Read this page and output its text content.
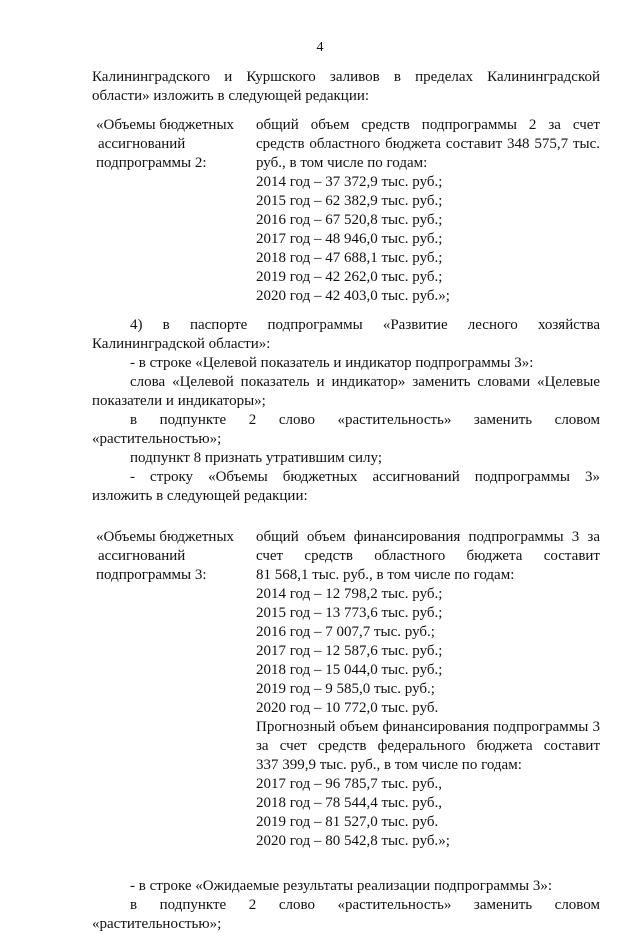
4
Калининградского и Куршского заливов в пределах Калининградской
области» изложить в следующей редакции:
«Объемы бюджетных
ассигнований
подпрограммы 2:
общий объем средств подпрограммы 2 за счет
средств областного бюджета составит 348 575,7 тыс.
руб., в том числе по годам:
2014 год – 37 372,9 тыс. руб.;
2015 год – 62 382,9 тыс. руб.;
2016 год – 67 520,8 тыс. руб.;
2017 год – 48 946,0 тыс. руб.;
2018 год – 47 688,1 тыс. руб.;
2019 год – 42 262,0 тыс. руб.;
2020 год – 42 403,0 тыс. руб.»;
4) в паспорте подпрограммы «Развитие лесного хозяйства
Калининградской области»:
- в строке «Целевой показатель и индикатор подпрограммы 3»:
слова «Целевой показатель и индикатор» заменить словами «Целевые
показатели и индикаторы»;
в подпункте 2 слово «растительность» заменить словом
«растительностью»;
подпункт 8 признать утратившим силу;
- строку «Объемы бюджетных ассигнований подпрограммы 3»
изложить в следующей редакции:
«Объемы бюджетных
ассигнований
подпрограммы 3:
общий объем финансирования подпрограммы 3 за
счет средств областного бюджета составит
81 568,1 тыс. руб., в том числе по годам:
2014 год – 12 798,2 тыс. руб.;
2015 год – 13 773,6 тыс. руб.;
2016 год – 7 007,7 тыс. руб.;
2017 год – 12 587,6 тыс. руб.;
2018 год – 15 044,0 тыс. руб.;
2019 год – 9 585,0 тыс. руб.;
2020 год – 10 772,0 тыс. руб.
Прогнозный объем финансирования подпрограммы 3
за счет средств федерального бюджета составит
337 399,9 тыс. руб., в том числе по годам:
2017 год – 96 785,7 тыс. руб.,
2018 год – 78 544,4 тыс. руб.,
2019 год – 81 527,0 тыс. руб.
2020 год – 80 542,8 тыс. руб.»;
- в строке «Ожидаемые результаты реализации подпрограммы 3»:
в подпункте 2 слово «растительность» заменить словом
«растительностью»;
